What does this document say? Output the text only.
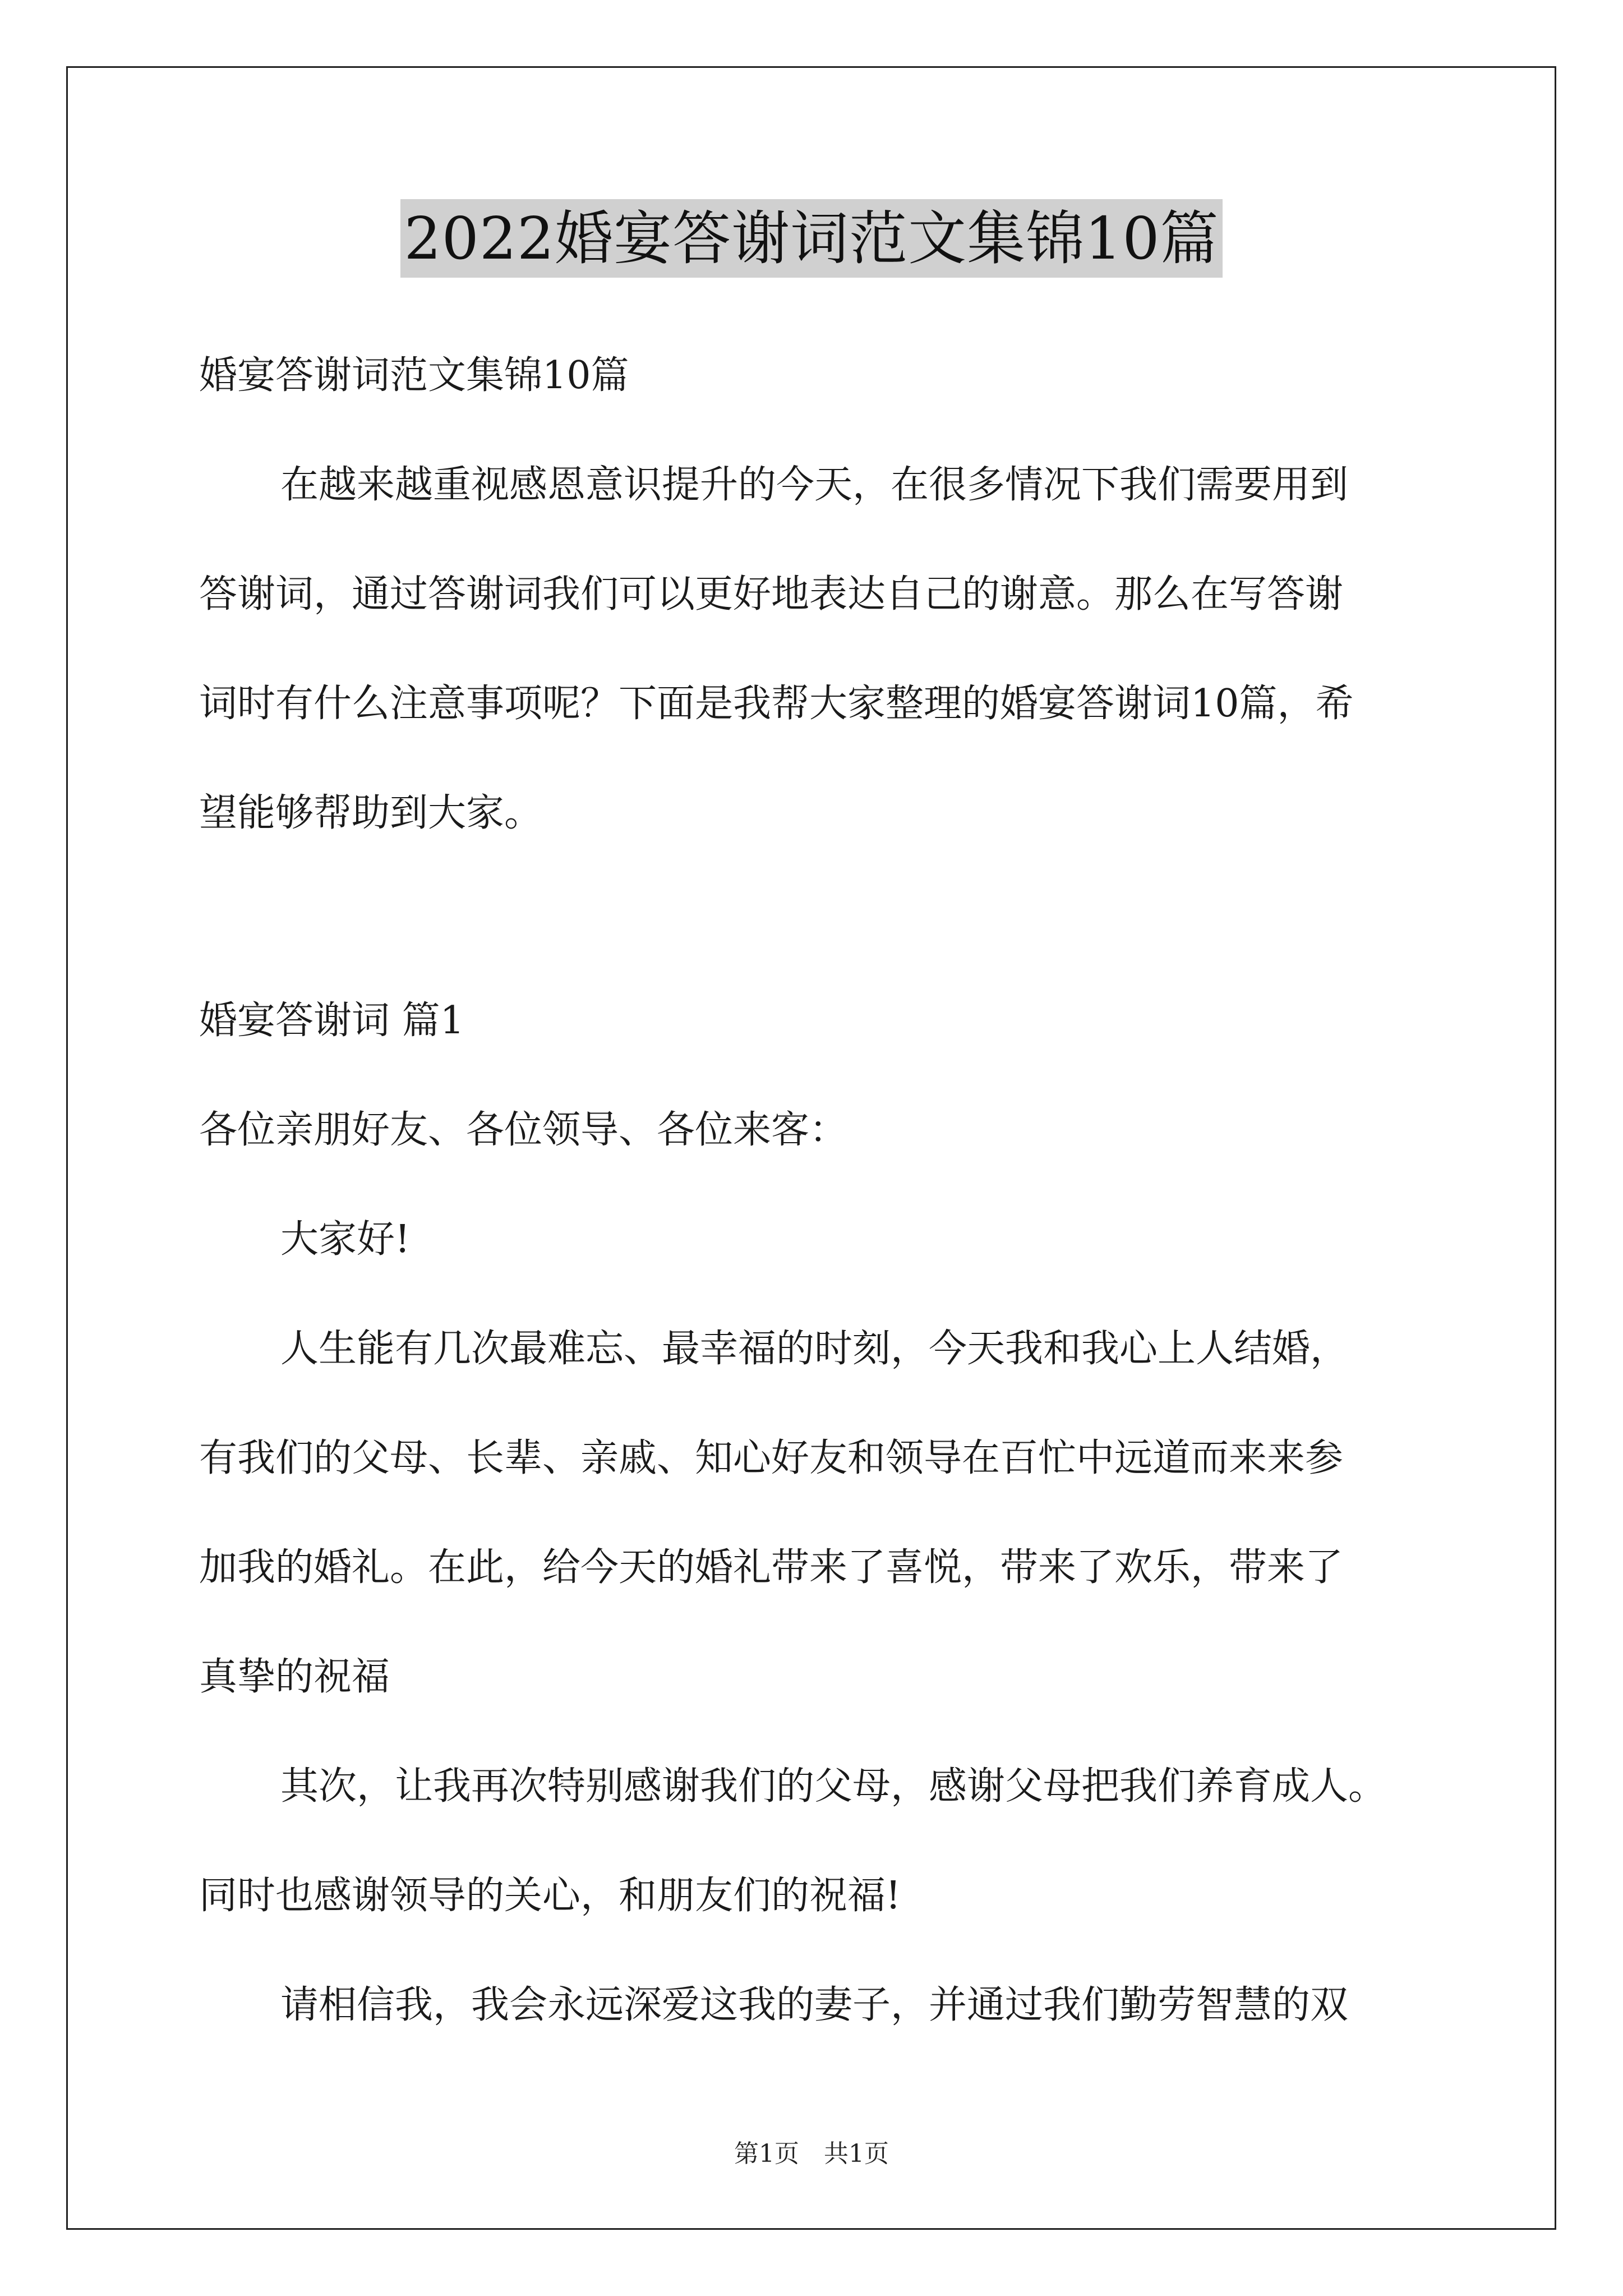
2022婚宴答谢词范文集锦10篇
婚宴答谢词范文集锦10篇
在越来越重视感恩意识提升的今天，在很多情况下我们需要用到
答谢词，通过答谢词我们可以更好地表达自己的谢意。那么在写答谢
词时有什么注意事项呢？下面是我帮大家整理的婚宴答谢词10篇，希
望能够帮助到大家。
婚宴答谢词 篇1
各位亲朋好友、各位领导、各位来客：
大家好!
人生能有几次最难忘、最幸福的时刻，今天我和我心上人结婚，
有我们的父母、长辈、亲戚、知心好友和领导在百忙中远道而来来参
加我的婚礼。在此，给今天的婚礼带来了喜悦，带来了欢乐，带来了
真挚的祝福
其次，让我再次特别感谢我们的父母，感谢父母把我们养育成人。
同时也感谢领导的关心，和朋友们的祝福!
请相信我，我会永远深爱这我的妻子，并通过我们勤劳智慧的双
第1页　共1页
